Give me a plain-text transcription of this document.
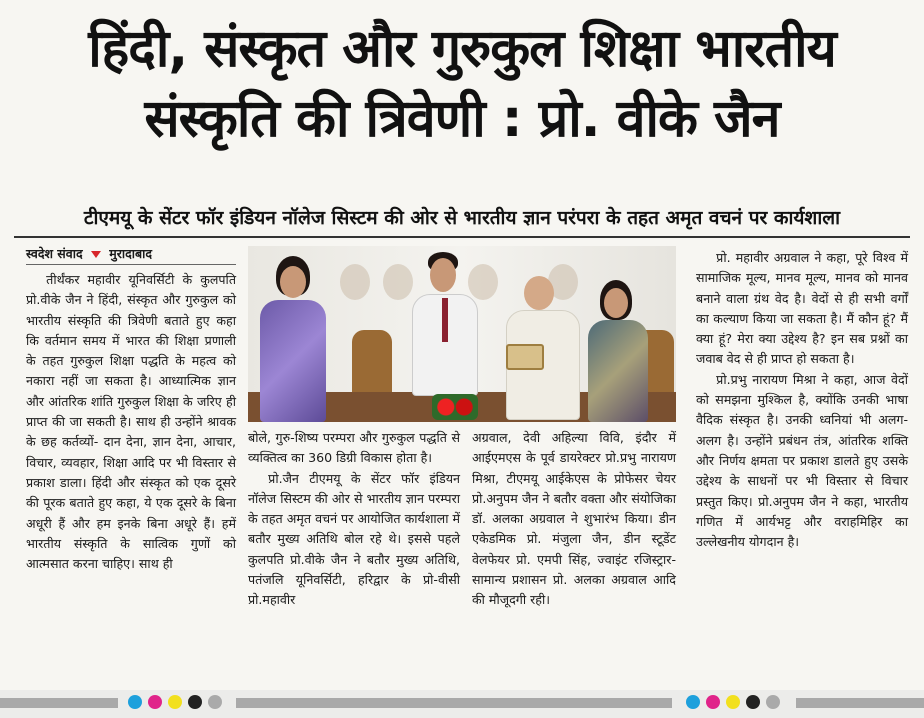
हिंदी, संस्कृत और गुरुकुल शिक्षा भारतीय
संस्कृति की त्रिवेणी : प्रो. वीके जैन
टीएमयू के सेंटर फॉर इंडियन नॉलेज सिस्टम की ओर से भारतीय ज्ञान परंपरा के तहत अमृत वचनं पर कार्यशाला
स्वदेश संवाद मुरादाबाद

तीर्थंकर महावीर यूनिवर्सिटी के कुलपति प्रो.वीके जैन ने हिंदी, संस्कृत और गुरुकुल को भारतीय संस्कृति की त्रिवेणी बताते हुए कहा कि वर्तमान समय में भारत की शिक्षा प्रणाली के तहत गुरुकुल शिक्षा पद्धति के महत्व को नकारा नहीं जा सकता है। आध्यात्मिक ज्ञान और आंतरिक शांति गुरुकुल शिक्षा के जरिए ही प्राप्त की जा सकती है। साथ ही उन्होंने श्रावक के छह कर्तव्यों- दान देना, ज्ञान देना, आचार, विचार, व्यवहार, शिक्षा आदि पर भी विस्तार से प्रकाश डाला। हिंदी और संस्कृत को एक दूसरे की पूरक बताते हुए कहा, ये एक दूसरे के बिना अधूरी हैं और हम इनके बिना अधूरे हैं। हमें भारतीय संस्कृति के सात्विक गुणों को आत्मसात करना चाहिए। साथ ही

बोले, गुरु-शिष्य परम्परा और गुरुकुल पद्धति से व्यक्तित्व का 360 डिग्री विकास होता है।

प्रो.जैन टीएमयू के सेंटर फॉर इंडियन नॉलेज सिस्टम की ओर से भारतीय ज्ञान परम्परा के तहत अमृत वचनं पर आयोजित कार्यशाला में बतौर मुख्य अतिथि बोल रहे थे। इससे पहले कुलपति प्रो.वीके जैन ने बतौर मुख्य अतिथि, पतंजलि यूनिवर्सिटी, हरिद्वार के प्रो-वीसी प्रो.महावीर

अग्रवाल, देवी अहिल्या विवि, इंदौर में आईएमएस के पूर्व डायरेक्टर प्रो.प्रभु नारायण मिश्रा, टीएमयू आईकेएस के प्रोफेसर चेयर प्रो.अनुपम जैन ने बतौर वक्ता और संयोजिका डॉ. अलका अग्रवाल ने शुभारंभ किया। डीन एकेडमिक प्रो. मंजुला जैन, डीन स्टूडेंट वेलफेयर प्रो. एमपी सिंह, ज्वाइंट रजिस्ट्रार-सामान्य प्रशासन प्रो. अलका अग्रवाल आदि की मौजूदगी रही।

प्रो. महावीर अग्रवाल ने कहा, पूरे विश्व में सामाजिक मूल्य, मानव मूल्य, मानव को मानव बनाने वाला ग्रंथ वेद है। वेदों से ही सभी वर्गों का कल्याण किया जा सकता है। मैं कौन हूं? मैं क्या हूं? मेरा क्या उद्देश्य है? इन सब प्रश्नों का जवाब वेद से ही प्राप्त हो सकता है।

प्रो.प्रभु नारायण मिश्रा ने कहा, आज वेदों को समझना मुश्किल है, क्योंकि उनकी भाषा वैदिक संस्कृत है। उनकी ध्वनियां भी अलग-अलग है। उन्होंने प्रबंधन तंत्र, आंतरिक शक्ति और निर्णय क्षमता पर प्रकाश डालते हुए उसके उद्देश्य के साधनों पर भी विस्तार से विचार प्रस्तुत किए। प्रो.अनुपम जैन ने कहा, भारतीय गणित में आर्यभट्ट और वराहमिहिर का उल्लेखनीय योगदान है।
